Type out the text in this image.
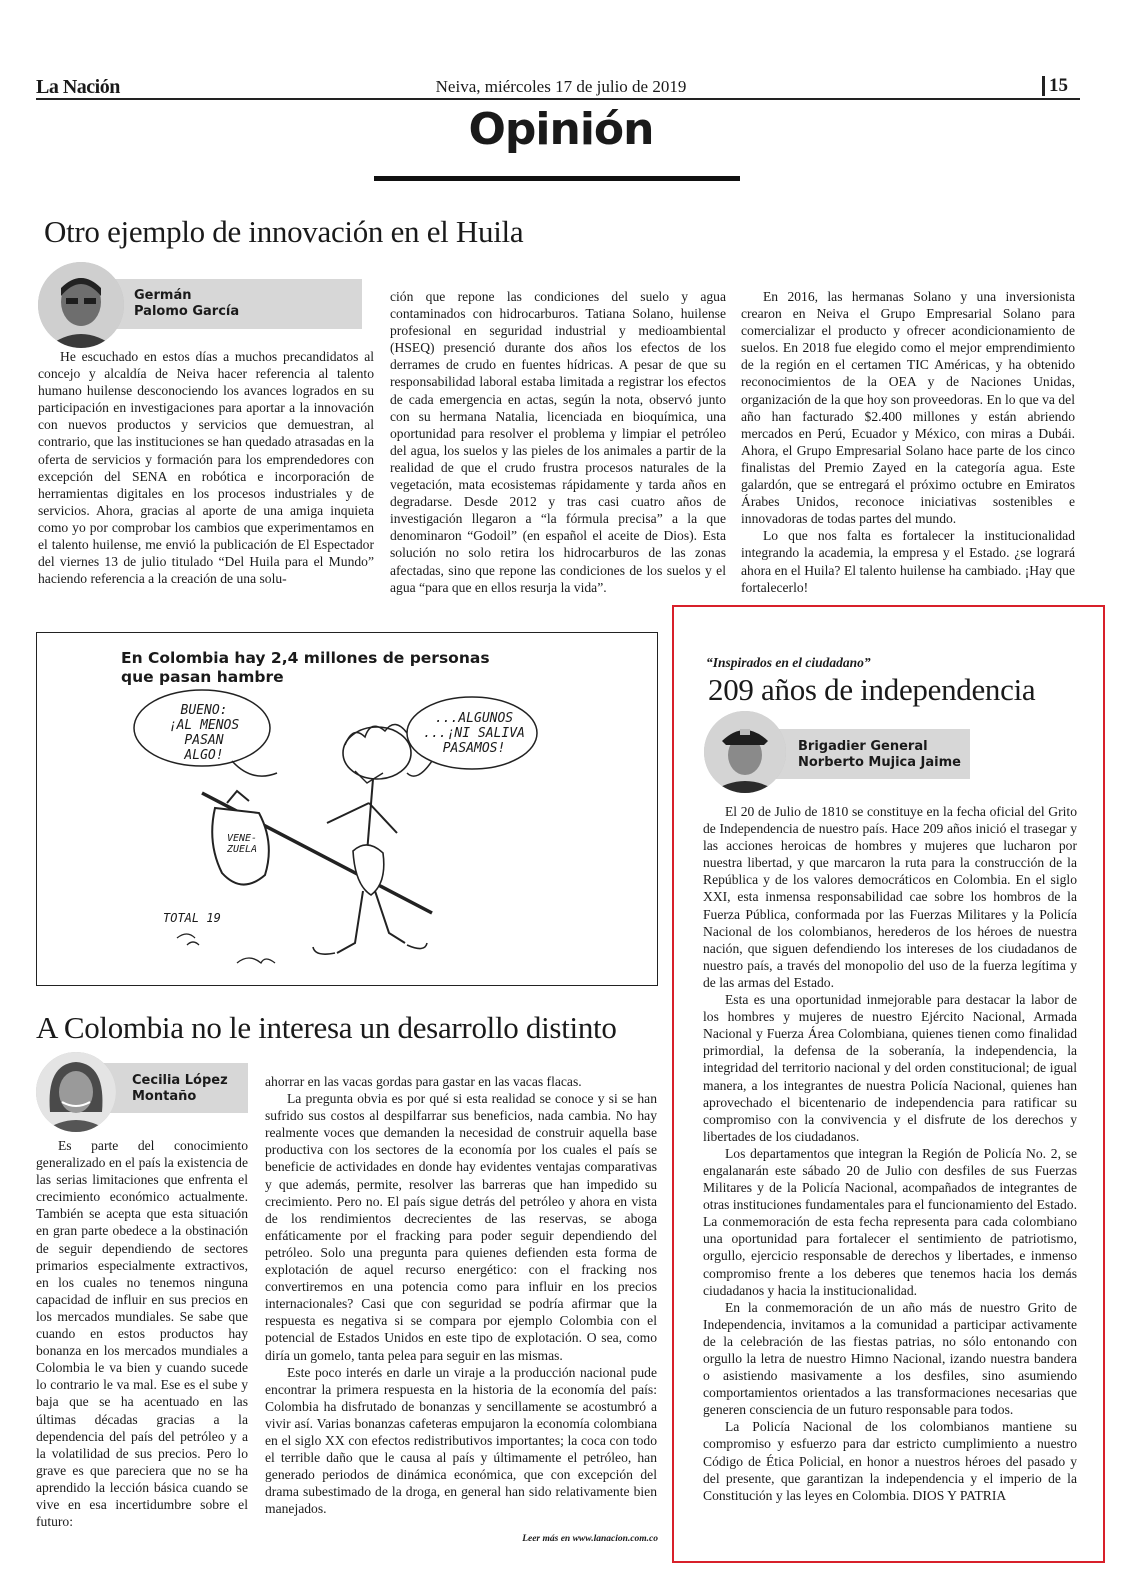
La Nación	Neiva, miércoles 17 de julio de 2019	15
Opinión
Otro ejemplo de innovación en el Huila
Germán
Palomo García

He escuchado en estos días a muchos precandidatos al concejo y alcaldía de Neiva hacer referencia al talento humano huilense desconociendo los avances logrados en su participación en investigaciones para aportar a la innovación con nuevos productos y servicios que demuestran, al contrario, que las instituciones se han quedado atrasadas en la oferta de servicios y formación para los emprendedores con excepción del SENA en robótica e incorporación de herramientas digitales en los procesos industriales y de servicios. Ahora, gracias al aporte de una amiga inquieta como yo por comprobar los cambios que experimentamos en el talento huilense, me envió la publicación de El Espectador del viernes 13 de julio titulado “Del Huila para el Mundo” haciendo referencia a la creación de una solu-

ción que repone las condiciones del suelo y agua contaminados con hidrocarburos. Tatiana Solano, huilense profesional en seguridad industrial y medioambiental (HSEQ) presenció durante dos años los efectos de los derrames de crudo en fuentes hídricas. A pesar de que su responsabilidad laboral estaba limitada a registrar los efectos de cada emergencia en actas, según la nota, observó junto con su hermana Natalia, licenciada en bioquímica, una oportunidad para resolver el problema y limpiar el petróleo del agua, los suelos y las pieles de los animales a partir de la realidad de que el crudo frustra procesos naturales de la vegetación, mata ecosistemas rápidamente y tarda años en degradarse. Desde 2012 y tras casi cuatro años de investigación llegaron a “la fórmula precisa” a la que denominaron “Godoil” (en español el aceite de Dios). Esta solución no solo retira los hidrocarburos de las zonas afectadas, sino que repone las condiciones de los suelos y el agua “para que en ellos resurja la vida”.

En 2016, las hermanas Solano y una inversionista crearon en Neiva el Grupo Empresarial Solano para comercializar el producto y ofrecer acondicionamiento de suelos. En 2018 fue elegido como el mejor emprendimiento de la región en el certamen TIC Américas, y ha obtenido reconocimientos de la OEA y de Naciones Unidas, organización de la que hoy son proveedoras. En lo que va del año han facturado $2.400 millones y están abriendo mercados en Perú, Ecuador y México, con miras a Dubái. Ahora, el Grupo Empresarial Solano hace parte de los cinco finalistas del Premio Zayed en la categoría agua. Este galardón, que se entregará el próximo octubre en Emiratos Árabes Unidos, reconoce iniciativas sostenibles e innovadoras de todas partes del mundo.

Lo que nos falta es fortalecer la institucionalidad integrando la academia, la empresa y el Estado. ¿se logrará ahora en el Huila? El talento huilense ha cambiado. ¡Hay que fortalecerlo!

En Colombia hay 2,4 millones de personas
que pasan hambre
BUENO:
¡AL MENOS PASAN
ALGO!
...ALGUNOS
...¡NI SALIVA
PASAMOS!
VENE-ZUELA
TOTAL 19
A Colombia no le interesa un desarrollo distinto
Cecilia López
Montaño

Es parte del conocimiento generalizado en el país la existencia de las serias limitaciones que enfrenta el crecimiento económico actualmente. También se acepta que esta situación en gran parte obedece a la obstinación de seguir dependiendo de sectores primarios especialmente extractivos, en los cuales no tenemos ninguna capacidad de influir en sus precios en los mercados mundiales. Se sabe que cuando en estos productos hay bonanza en los mercados mundiales a Colombia le va bien y cuando sucede lo contrario le va mal. Ese es el sube y baja que se ha acentuado en las últimas décadas gracias a la dependencia del país del petróleo y a la volatilidad de sus precios. Pero lo grave es que pareciera que no se ha aprendido la lección básica cuando se vive en esa incertidumbre sobre el futuro:

ahorrar en las vacas gordas para gastar en las vacas flacas.

La pregunta obvia es por qué si esta realidad se conoce y si se han sufrido sus costos al despilfarrar sus beneficios, nada cambia. No hay realmente voces que demanden la necesidad de construir aquella base productiva con los sectores de la economía por los cuales el país se beneficie de actividades en donde hay evidentes ventajas comparativas y que además, permite, resolver las barreras que han impedido su crecimiento. Pero no. El país sigue detrás del petróleo y ahora en vista de los rendimientos decrecientes de las reservas, se aboga enfáticamente por el fracking para poder seguir dependiendo del petróleo. Solo una pregunta para quienes defienden esta forma de explotación de aquel recurso energético: con el fracking nos convertiremos en una potencia como para influir en los precios internacionales? Casi que con seguridad se podría afirmar que la respuesta es negativa si se compara por ejemplo Colombia con el potencial de Estados Unidos en este tipo de explotación. O sea, como diría un gomelo, tanta pelea para seguir en las mismas.

Este poco interés en darle un viraje a la producción nacional pude encontrar la primera respuesta en la historia de la economía del país: Colombia ha disfrutado de bonanzas y sencillamente se acostumbró a vivir así. Varias bonanzas cafeteras empujaron la economía colombiana en el siglo XX con efectos redistributivos importantes; la coca con todo el terrible daño que le causa al país y últimamente el petróleo, han generado periodos de dinámica económica, que con excepción del drama subestimado de la droga, en general han sido relativamente bien manejados.

Leer más en www.lanacion.com.co
“Inspirados en el ciudadano”
209 años de independencia
Brigadier General
Norberto Mujica Jaime

El 20 de Julio de 1810 se constituye en la fecha oficial del Grito de Independencia de nuestro país. Hace 209 años inició el trasegar y las acciones heroicas de hombres y mujeres que lucharon por nuestra libertad, y que marcaron la ruta para la construcción de la República y de los valores democráticos en Colombia. En el siglo XXI, esta inmensa responsabilidad cae sobre los hombros de la Fuerza Pública, conformada por las Fuerzas Militares y la Policía Nacional de los colombianos, herederos de los héroes de nuestra nación, que siguen defendiendo los intereses de los ciudadanos de nuestro país, a través del monopolio del uso de la fuerza legítima y de las armas del Estado.

Esta es una oportunidad inmejorable para destacar la labor de los hombres y mujeres de nuestro Ejército Nacional, Armada Nacional y Fuerza Área Colombiana, quienes tienen como finalidad primordial, la defensa de la soberanía, la independencia, la integridad del territorio nacional y del orden constitucional; de igual manera, a los integrantes de nuestra Policía Nacional, quienes han aprovechado el bicentenario de independencia para ratificar su compromiso con la convivencia y el disfrute de los derechos y libertades de los ciudadanos.

Los departamentos que integran la Región de Policía No. 2, se engalanarán este sábado 20 de Julio con desfiles de sus Fuerzas Militares y de la Policía Nacional, acompañados de integrantes de otras instituciones fundamentales para el funcionamiento del Estado. La conmemoración de esta fecha representa para cada colombiano una oportunidad para fortalecer el sentimiento de patriotismo, orgullo, ejercicio responsable de derechos y libertades, e inmenso compromiso frente a los deberes que tenemos hacia los demás ciudadanos y hacia la institucionalidad.

En la conmemoración de un año más de nuestro Grito de Independencia, invitamos a la comunidad a participar activamente de la celebración de las fiestas patrias, no sólo entonando con orgullo la letra de nuestro Himno Nacional, izando nuestra bandera o asistiendo masivamente a los desfiles, sino asumiendo comportamientos orientados a las transformaciones necesarias que generen consciencia de un futuro responsable para todos.

La Policía Nacional de los colombianos mantiene su compromiso y esfuerzo para dar estricto cumplimiento a nuestro Código de Ética Policial, en honor a nuestros héroes del pasado y del presente, que garantizan la independencia y el imperio de la Constitución y las leyes en Colombia. DIOS Y PATRIA
